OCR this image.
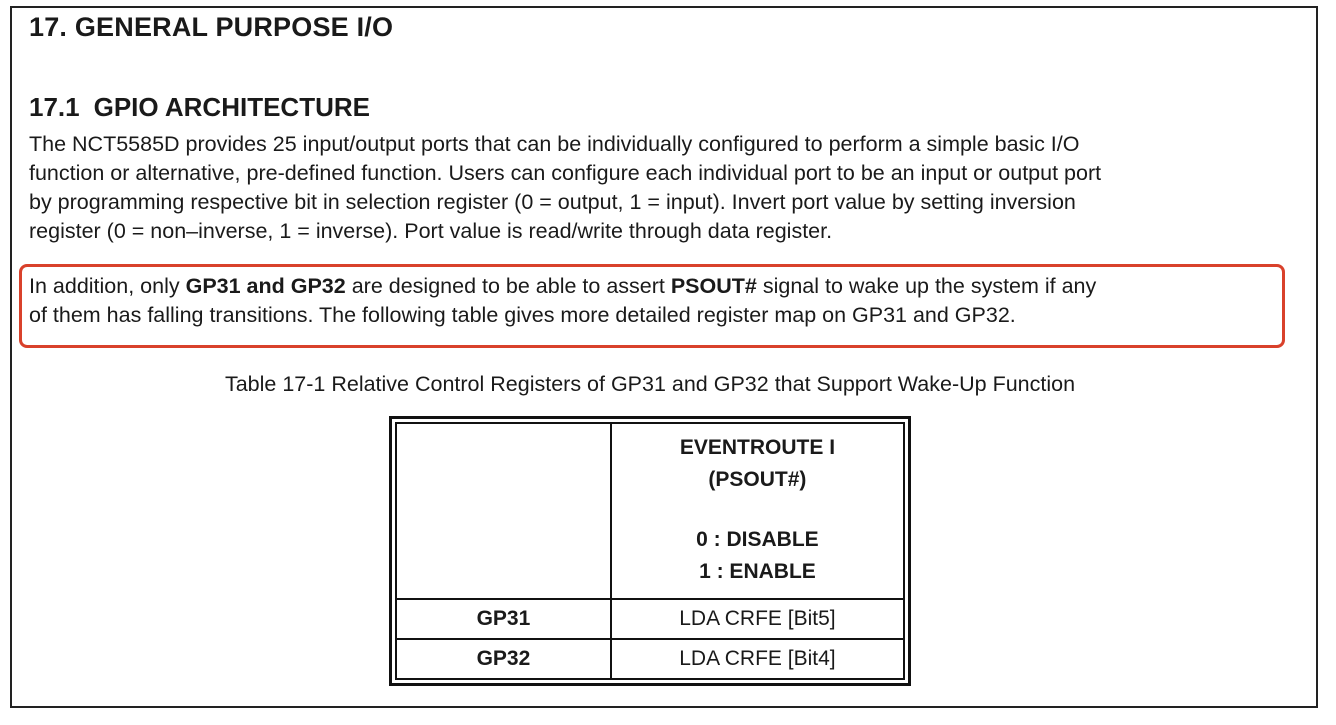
17. GENERAL PURPOSE I/O
17.1 GPIO ARCHITECTURE
The NCT5585D provides 25 input/output ports that can be individually configured to perform a simple basic I/O
function or alternative, pre-defined function. Users can configure each individual port to be an input or output port
by programming respective bit in selection register (0 = output, 1 = input). Invert port value by setting inversion
register (0 = non–inverse, 1 = inverse). Port value is read/write through data register.
In addition, only GP31 and GP32 are designed to be able to assert PSOUT# signal to wake up the system if any
of them has falling transitions. The following table gives more detailed register map on GP31 and GP32.
Table 17-1 Relative Control Registers of GP31 and GP32 that Support Wake-Up Function

	EVENTROUTE I
(PSOUT#)
0 : DISABLE
1 : ENABLE

GP31	LDA CRFE [Bit5]
GP32	LDA CRFE [Bit4]
